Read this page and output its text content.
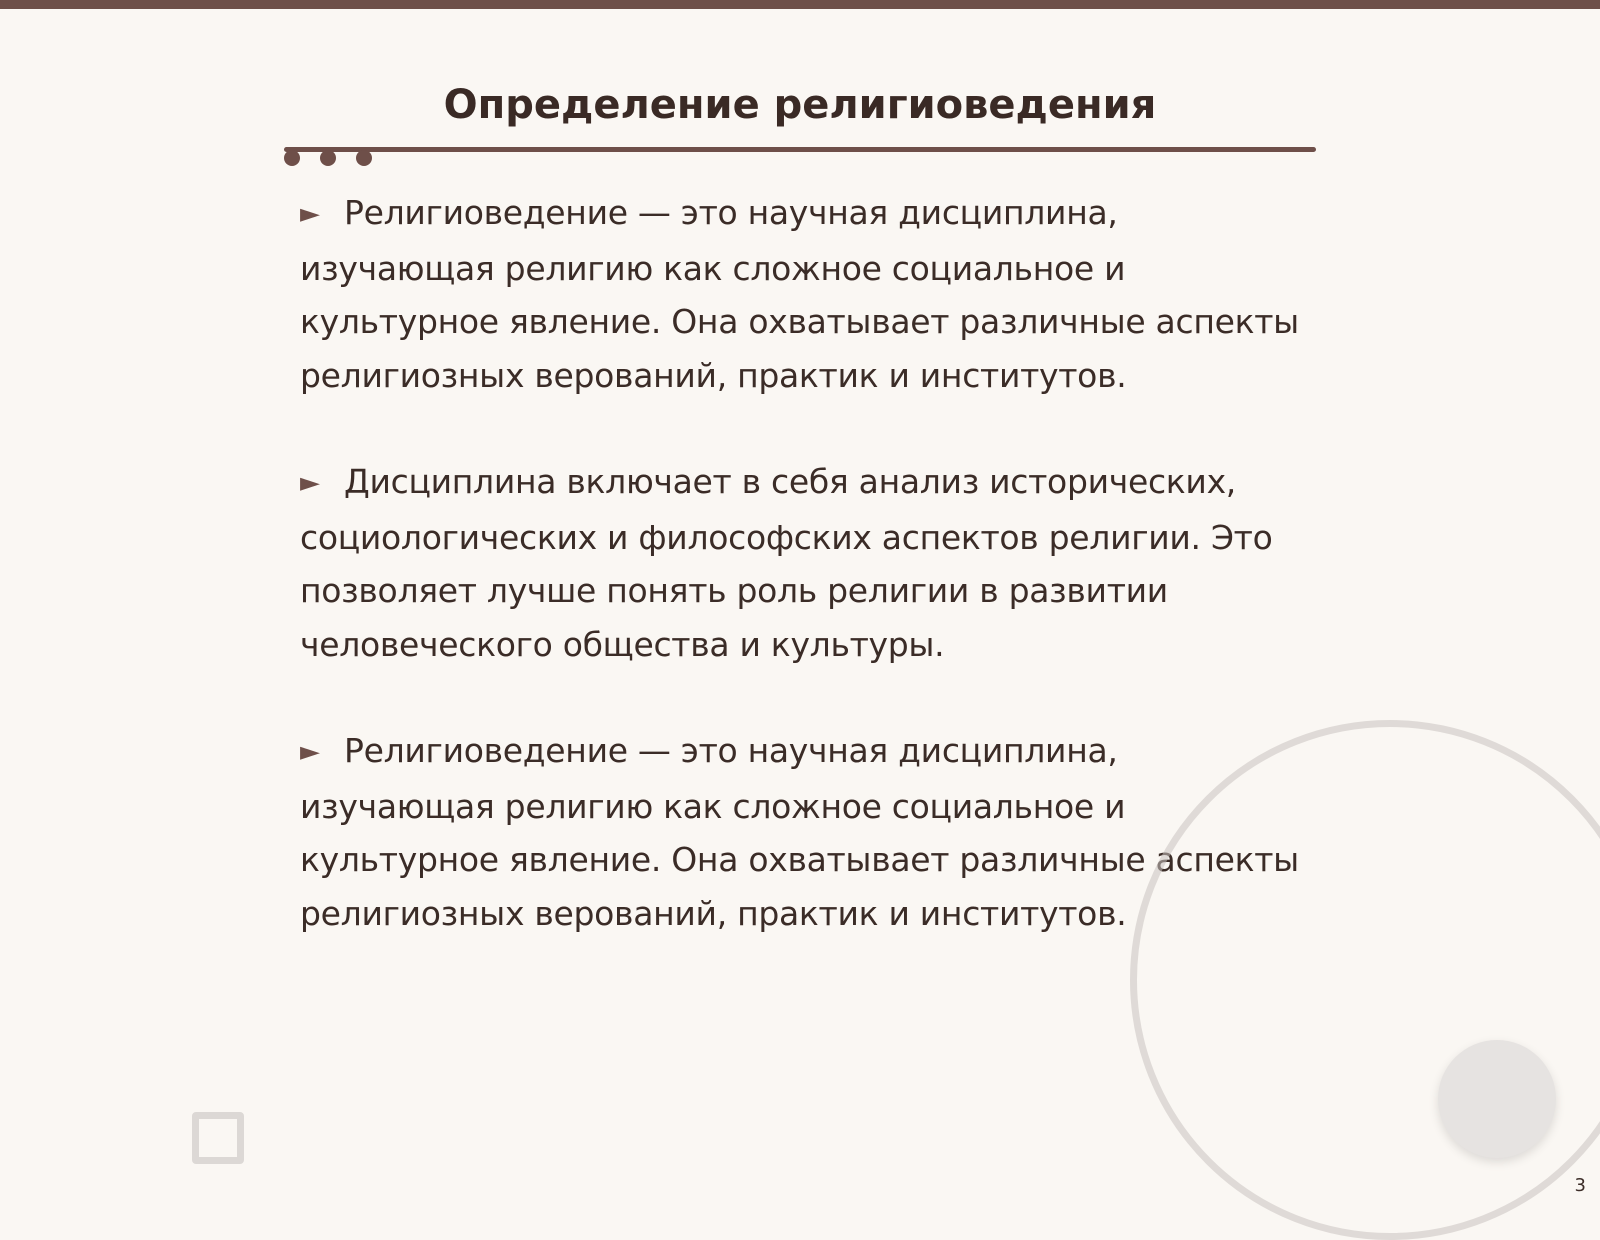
Определение религиоведения

► Религиоведение — это научная дисциплина, изучающая религию как сложное социальное и культурное явление. Она охватывает различные аспекты религиозных верований, практик и институтов.

► Дисциплина включает в себя анализ исторических, социологических и философских аспектов религии. Это позволяет лучше понять роль религии в развитии человеческого общества и культуры.

► Религиоведение — это научная дисциплина, изучающая религию как сложное социальное и культурное явление. Она охватывает различные аспекты религиозных верований, практик и институтов.

3
